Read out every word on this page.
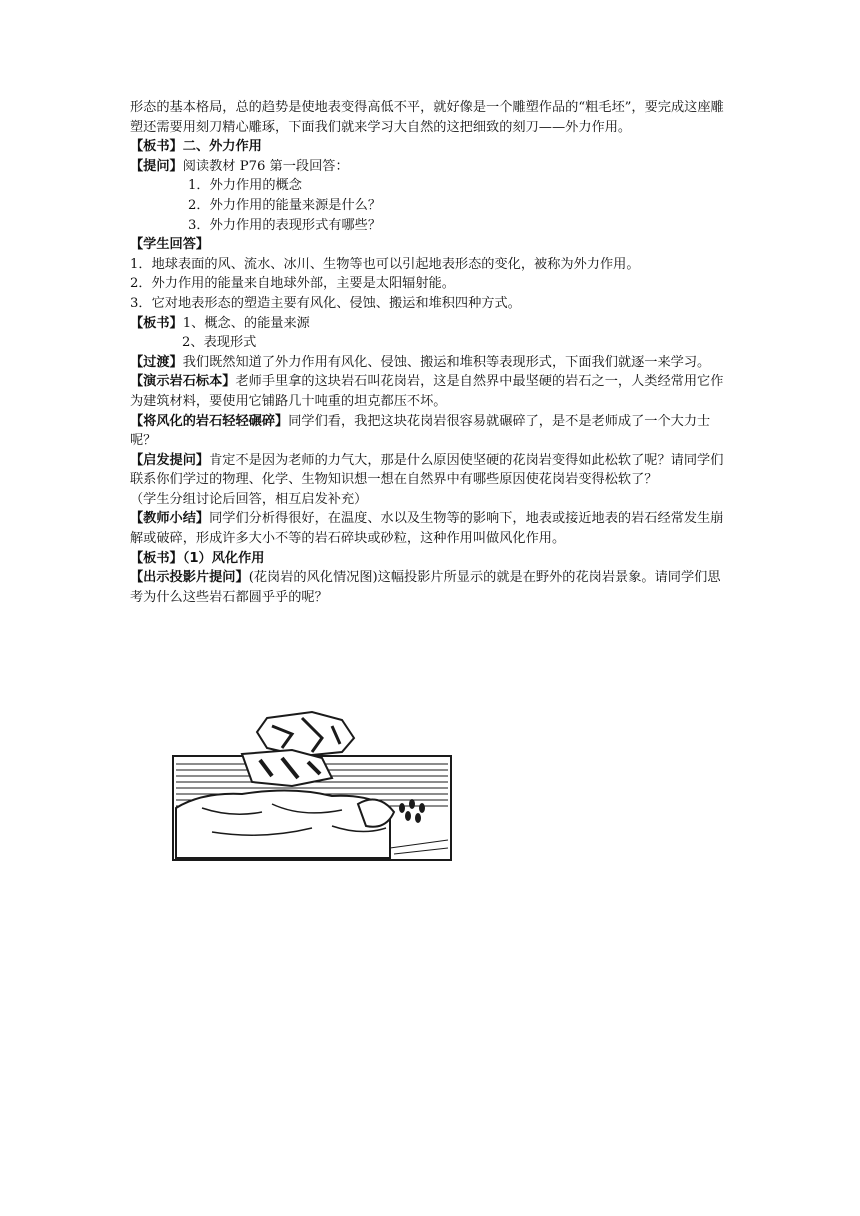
形态的基本格局，总的趋势是使地表变得高低不平，就好像是一个雕塑作品的“粗毛坯”，要完成这座雕塑还需要用刻刀精心雕琢，下面我们就来学习大自然的这把细致的刻刀——外力作用。
【板书】二、外力作用
【提问】阅读教材 P76 第一段回答：
1．外力作用的概念
2．外力作用的能量来源是什么？
3．外力作用的表现形式有哪些？
【学生回答】
1．地球表面的风、流水、冰川、生物等也可以引起地表形态的变化，被称为外力作用。
2．外力作用的能量来自地球外部，主要是太阳辐射能。
3．它对地表形态的塑造主要有风化、侵蚀、搬运和堆积四种方式。
【板书】1、概念、的能量来源
2、表现形式
【过渡】我们既然知道了外力作用有风化、侵蚀、搬运和堆积等表现形式，下面我们就逐一来学习。
【演示岩石标本】老师手里拿的这块岩石叫花岗岩，这是自然界中最坚硬的岩石之一，人类经常用它作为建筑材料，要使用它铺路几十吨重的坦克都压不坏。
【将风化的岩石轻轻碾碎】同学们看，我把这块花岗岩很容易就碾碎了，是不是老师成了一个大力士呢？
【启发提问】肯定不是因为老师的力气大，那是什么原因使坚硬的花岗岩变得如此松软了呢？请同学们联系你们学过的物理、化学、生物知识想一想在自然界中有哪些原因使花岗岩变得松软了？
（学生分组讨论后回答，相互启发补充）
【教师小结】同学们分析得很好，在温度、水以及生物等的影响下，地表或接近地表的岩石经常发生崩解或破碎，形成许多大小不等的岩石碎块或砂粒，这种作用叫做风化作用。
【板书】（1）风化作用
【出示投影片提问】(花岗岩的风化情况图)这幅投影片所显示的就是在野外的花岗岩景象。请同学们思考为什么这些岩石都圆乎乎的呢？
